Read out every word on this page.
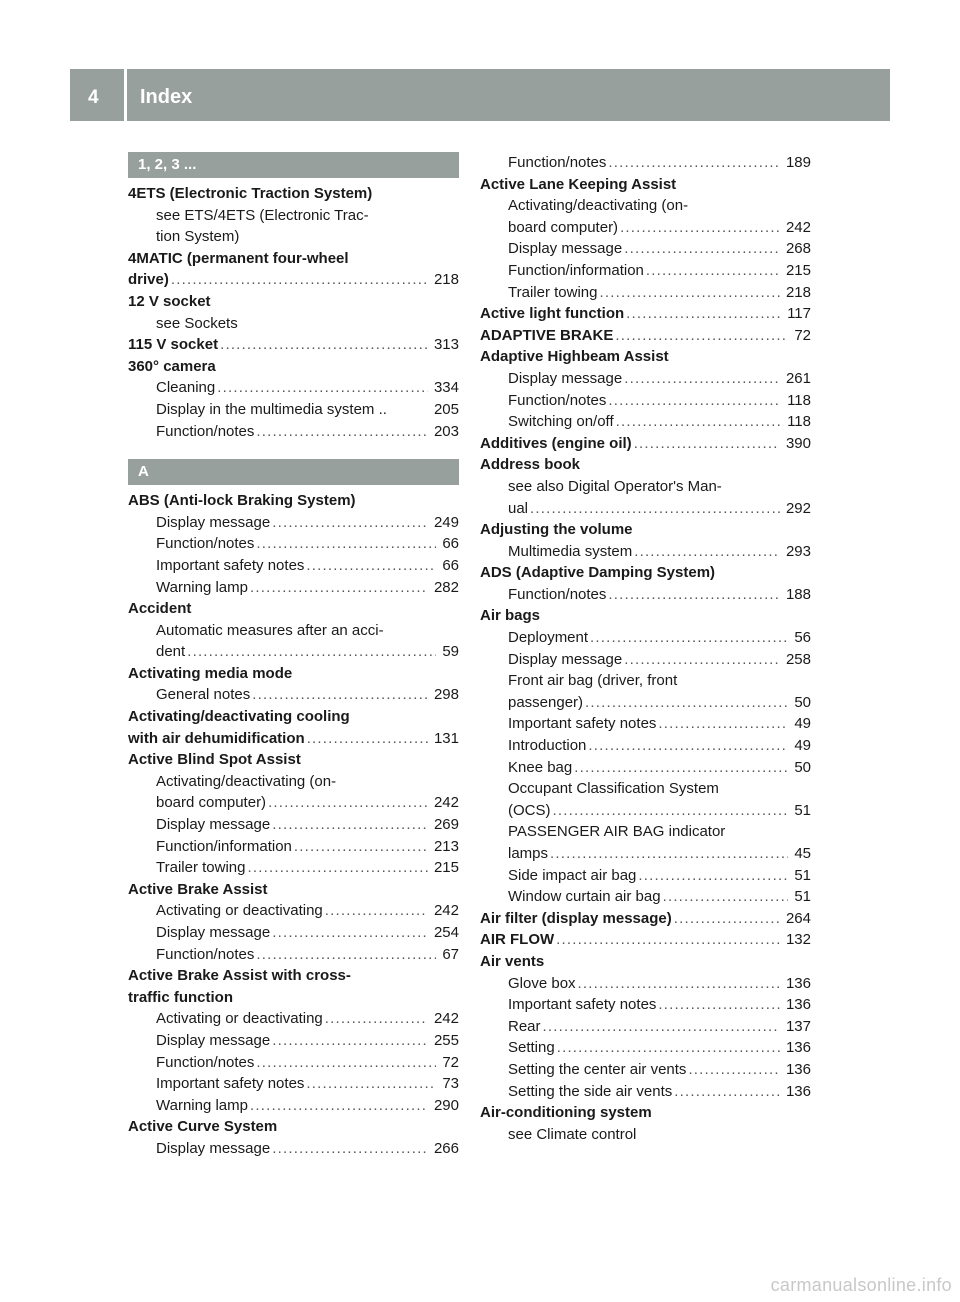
4 Index
1, 2, 3 ...
4ETS (Electronic Traction System)
see ETS/4ETS (Electronic Trac-
tion System)
4MATIC (permanent four-wheel
drive) .....	218
12 V socket
see Sockets
115 V socket .....	313
360° camera
Cleaning .....	334
Display in the multimedia system ..	205
Function/notes .....	203
A
ABS (Anti-lock Braking System)
Display message .....	249
Function/notes .....	66
Important safety notes .....	66
Warning lamp .....	282
Accident
Automatic measures after an acci-
dent .....	59
Activating media mode
General notes .....	298
Activating/deactivating cooling
with air dehumidification .....	131
Active Blind Spot Assist
Activating/deactivating (on-
board computer) .....	242
Display message .....	269
Function/information .....	213
Trailer towing .....	215
Active Brake Assist
Activating or deactivating .....	242
Display message .....	254
Function/notes .....	67
Active Brake Assist with cross-
traffic function
Activating or deactivating .....	242
Display message .....	255
Function/notes .....	72
Important safety notes .....	73
Warning lamp .....	290
Active Curve System
Display message .....	266
Function/notes .....	189
Active Lane Keeping Assist
Activating/deactivating (on-
board computer) .....	242
Display message .....	268
Function/information .....	215
Trailer towing .....	218
Active light function .....	117
ADAPTIVE BRAKE .....	72
Adaptive Highbeam Assist
Display message .....	261
Function/notes .....	118
Switching on/off .....	118
Additives (engine oil) .....	390
Address book
see also Digital Operator's Man-
ual .....	292
Adjusting the volume
Multimedia system .....	293
ADS (Adaptive Damping System)
Function/notes .....	188
Air bags
Deployment .....	56
Display message .....	258
Front air bag (driver, front
passenger) .....	50
Important safety notes .....	49
Introduction .....	49
Knee bag .....	50
Occupant Classification System
(OCS) .....	51
PASSENGER AIR BAG indicator
lamps .....	45
Side impact air bag .....	51
Window curtain air bag .....	51
Air filter (display message) .....	264
AIR FLOW .....	132
Air vents
Glove box .....	136
Important safety notes .....	136
Rear .....	137
Setting .....	136
Setting the center air vents .....	136
Setting the side air vents .....	136
Air-conditioning system
see Climate control
carmanualsonline.info
